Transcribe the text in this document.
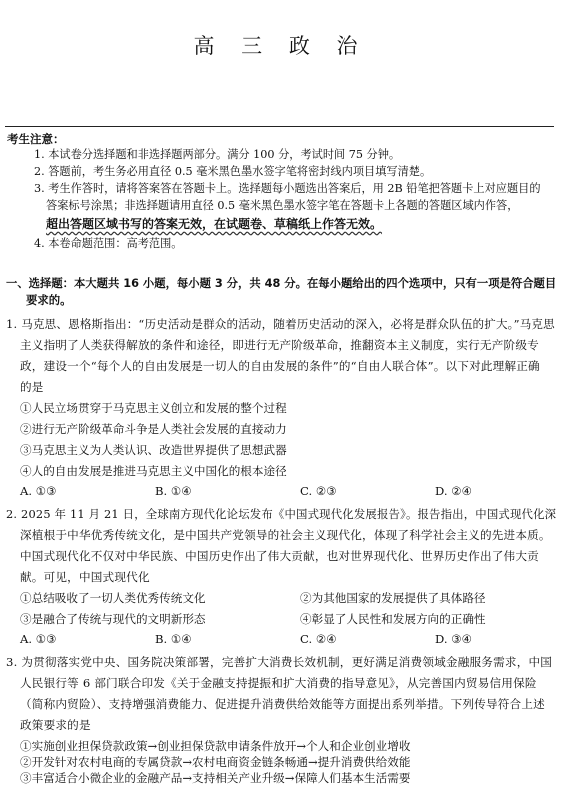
高 三 政 治
考生注意：
1. 本试卷分选择题和非选择题两部分。满分 100 分，考试时间 75 分钟。
2. 答题前，考生务必用直径 0.5 毫米黑色墨水签字笔将密封线内项目填写清楚。
3. 考生作答时，请将答案答在答题卡上。选择题每小题选出答案后，用 2B 铅笔把答题卡上对应题目的
答案标号涂黑；非选择题请用直径 0.5 毫米黑色墨水签字笔在答题卡上各题的答题区域内作答，
超出答题区域书写的答案无效，在试题卷、草稿纸上作答无效。
4. 本卷命题范围：高考范围。
一、选择题：本大题共 16 小题，每小题 3 分，共 48 分。在每小题给出的四个选项中，只有一项是符合题目
要求的。
1. 马克思、恩格斯指出：“历史活动是群众的活动，随着历史活动的深入，必将是群众队伍的扩大。”马克思
主义指明了人类获得解放的条件和途径，即进行无产阶级革命，推翻资本主义制度，实行无产阶级专
政，建设一个“每个人的自由发展是一切人的自由发展的条件”的“自由人联合体”。以下对此理解正确
的是
①人民立场贯穿于马克思主义创立和发展的整个过程
②进行无产阶级革命斗争是人类社会发展的直接动力
③马克思主义为人类认识、改造世界提供了思想武器
④人的自由发展是推进马克思主义中国化的根本途径
A. ①③	B. ①④	C. ②③	D. ②④
2. 2025 年 11 月 21 日，全球南方现代化论坛发布《中国式现代化发展报告》。报告指出，中国式现代化深
深植根于中华优秀传统文化，是中国共产党领导的社会主义现代化，体现了科学社会主义的先进本质。
中国式现代化不仅对中华民族、中国历史作出了伟大贡献，也对世界现代化、世界历史作出了伟大贡
献。可见，中国式现代化
①总结吸收了一切人类优秀传统文化	②为其他国家的发展提供了具体路径
③是融合了传统与现代的文明新形态	④彰显了人民性和发展方向的正确性
A. ①③	B. ①④	C. ②④	D. ③④
3. 为贯彻落实党中央、国务院决策部署，完善扩大消费长效机制，更好满足消费领域金融服务需求，中国
人民银行等 6 部门联合印发《关于金融支持提振和扩大消费的指导意见》，从完善国内贸易信用保险
（简称内贸险）、支持增强消费能力、促进提升消费供给效能等方面提出系列举措。下列传导符合上述
政策要求的是
①实施创业担保贷款政策→创业担保贷款申请条件放开→个人和企业创业增收
②开发针对农村电商的专属贷款→农村电商资金链条畅通→提升消费供给效能
③丰富适合小微企业的金融产品→支持相关产业升级→保障人们基本生活需要
